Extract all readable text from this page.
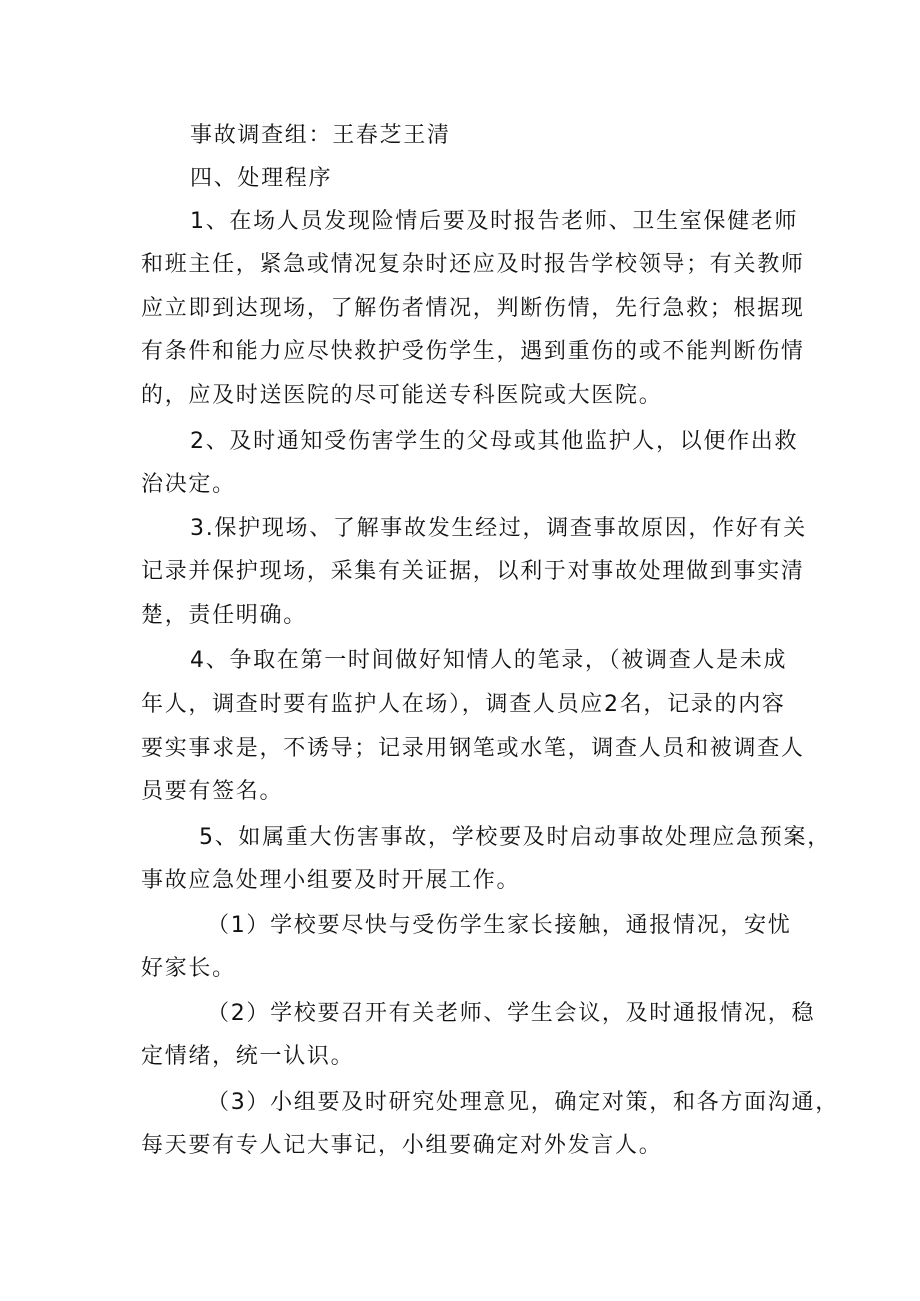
事故调查组：王春芝王清
四、处理程序
1、在场人员发现险情后要及时报告老师、卫生室保健老师
和班主任，紧急或情况复杂时还应及时报告学校领导；有关教师
应立即到达现场，了解伤者情况，判断伤情，先行急救；根据现
有条件和能力应尽快救护受伤学生，遇到重伤的或不能判断伤情
的，应及时送医院的尽可能送专科医院或大医院。
2、及时通知受伤害学生的父母或其他监护人，以便作出救
治决定。
3.保护现场、了解事故发生经过，调查事故原因，作好有关
记录并保护现场，采集有关证据，以利于对事故处理做到事实清
楚，责任明确。
4、争取在第一时间做好知情人的笔录，（被调查人是未成
年人，调查时要有监护人在场），调查人员应2名，记录的内容
要实事求是，不诱导；记录用钢笔或水笔，调查人员和被调查人
员要有签名。
5、如属重大伤害事故，学校要及时启动事故处理应急预案，
事故应急处理小组要及时开展工作。
（1）学校要尽快与受伤学生家长接触，通报情况，安忧
好家长。
（2）学校要召开有关老师、学生会议，及时通报情况，稳
定情绪，统一认识。
（3）小组要及时研究处理意见，确定对策，和各方面沟通，
每天要有专人记大事记，小组要确定对外发言人。
